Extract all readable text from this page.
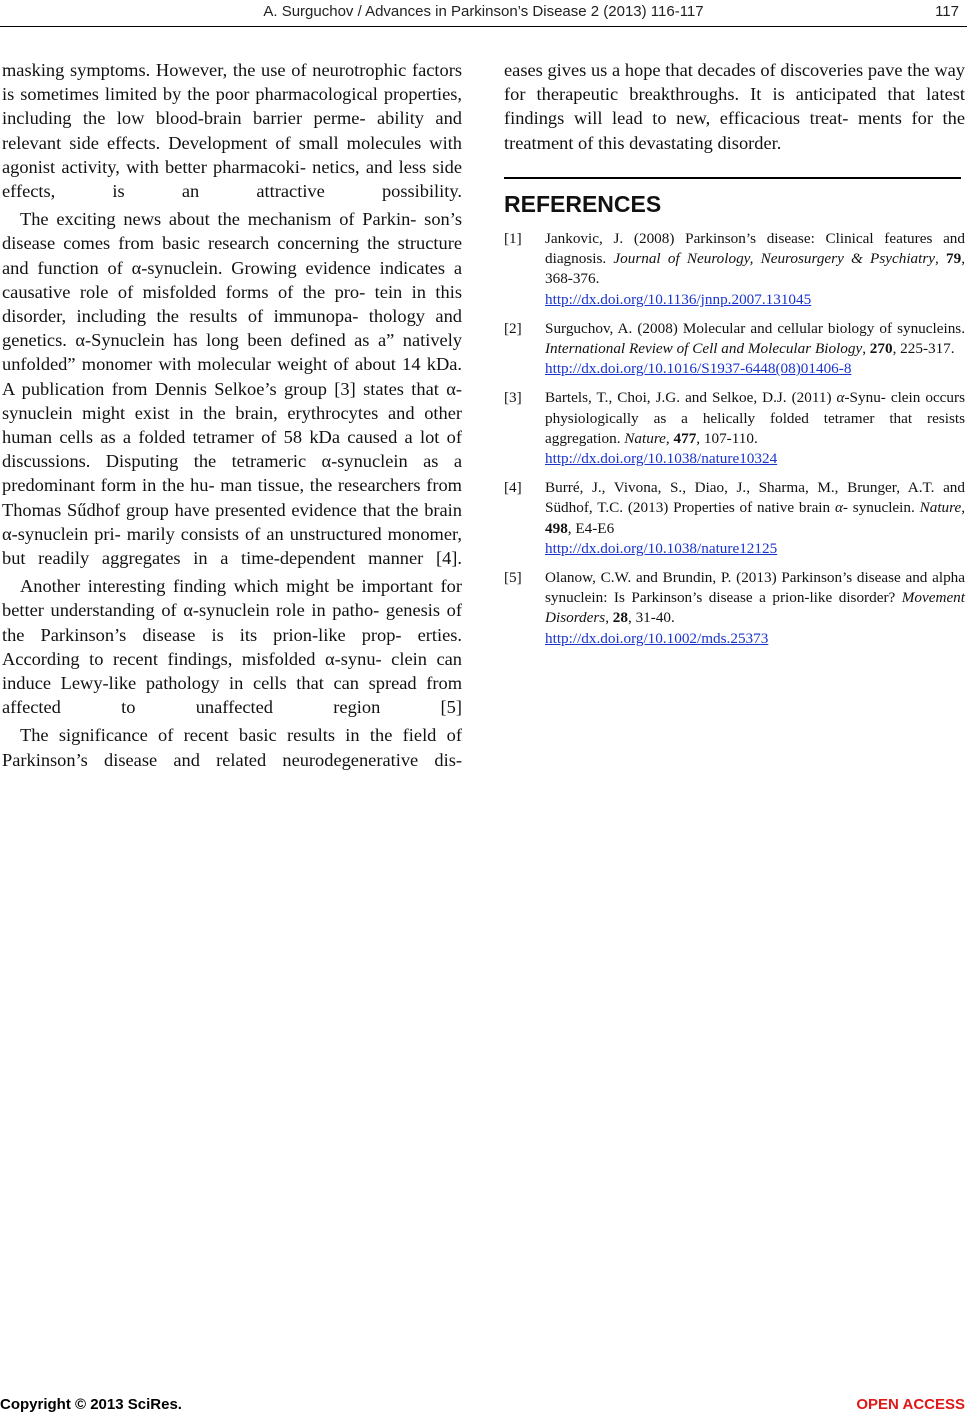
A. Surguchov / Advances in Parkinson’s Disease 2 (2013) 116-117	117

masking symptoms. However, the use of neurotrophic factors is sometimes limited by the poor pharmacological properties, including the low blood-brain barrier perme- ability and relevant side effects. Development of small molecules with agonist activity, with better pharmacoki- netics, and less side effects, is an attractive possibility.

The exciting news about the mechanism of Parkin- son’s disease comes from basic research concerning the structure and function of α-synuclein. Growing evidence indicates a causative role of misfolded forms of the pro- tein in this disorder, including the results of immunopa- thology and genetics. α-Synuclein has long been defined as a” natively unfolded” monomer with molecular weight of about 14 kDa. A publication from Dennis Selkoe’s group [3] states that α-synuclein might exist in the brain, erythrocytes and other human cells as a folded tetramer of 58 kDa caused a lot of discussions. Disputing the tetrameric α-synuclein as a predominant form in the hu- man tissue, the researchers from Thomas Sűdhof group have presented evidence that the brain α-synuclein pri- marily consists of an unstructured monomer, but readily aggregates in a time-dependent manner [4].

Another interesting finding which might be important for better understanding of α-synuclein role in patho- genesis of the Parkinson’s disease is its prion-like prop- erties. According to recent findings, misfolded α-synu- clein can induce Lewy-like pathology in cells that can spread from affected to unaffected region [5]

The significance of recent basic results in the field of Parkinson’s disease and related neurodegenerative dis-

eases gives us a hope that decades of discoveries pave the way for therapeutic breakthroughs. It is anticipated that latest findings will lead to new, efficacious treat- ments for the treatment of this devastating disorder.

REFERENCES
[1] Jankovic, J. (2008) Parkinson’s disease: Clinical features and diagnosis. Journal of Neurology, Neurosurgery & Psychiatry, 79, 368-376.
http://dx.doi.org/10.1136/jnnp.2007.131045
[2] Surguchov, A. (2008) Molecular and cellular biology of synucleins. International Review of Cell and Molecular Biology, 270, 225-317.
http://dx.doi.org/10.1016/S1937-6448(08)01406-8
[3] Bartels, T., Choi, J.G. and Selkoe, D.J. (2011) α-Synu- clein occurs physiologically as a helically folded tetramer that resists aggregation. Nature, 477, 107-110.
http://dx.doi.org/10.1038/nature10324
[4] Burré, J., Vivona, S., Diao, J., Sharma, M., Brunger, A.T. and Südhof, T.C. (2013) Properties of native brain α- synuclein. Nature, 498, E4-E6
http://dx.doi.org/10.1038/nature12125
[5] Olanow, C.W. and Brundin, P. (2013) Parkinson’s disease and alpha synuclein: Is Parkinson’s disease a prion-like disorder? Movement Disorders, 28, 31-40.
http://dx.doi.org/10.1002/mds.25373
Copyright © 2013 SciRes.	OPEN ACCESS
